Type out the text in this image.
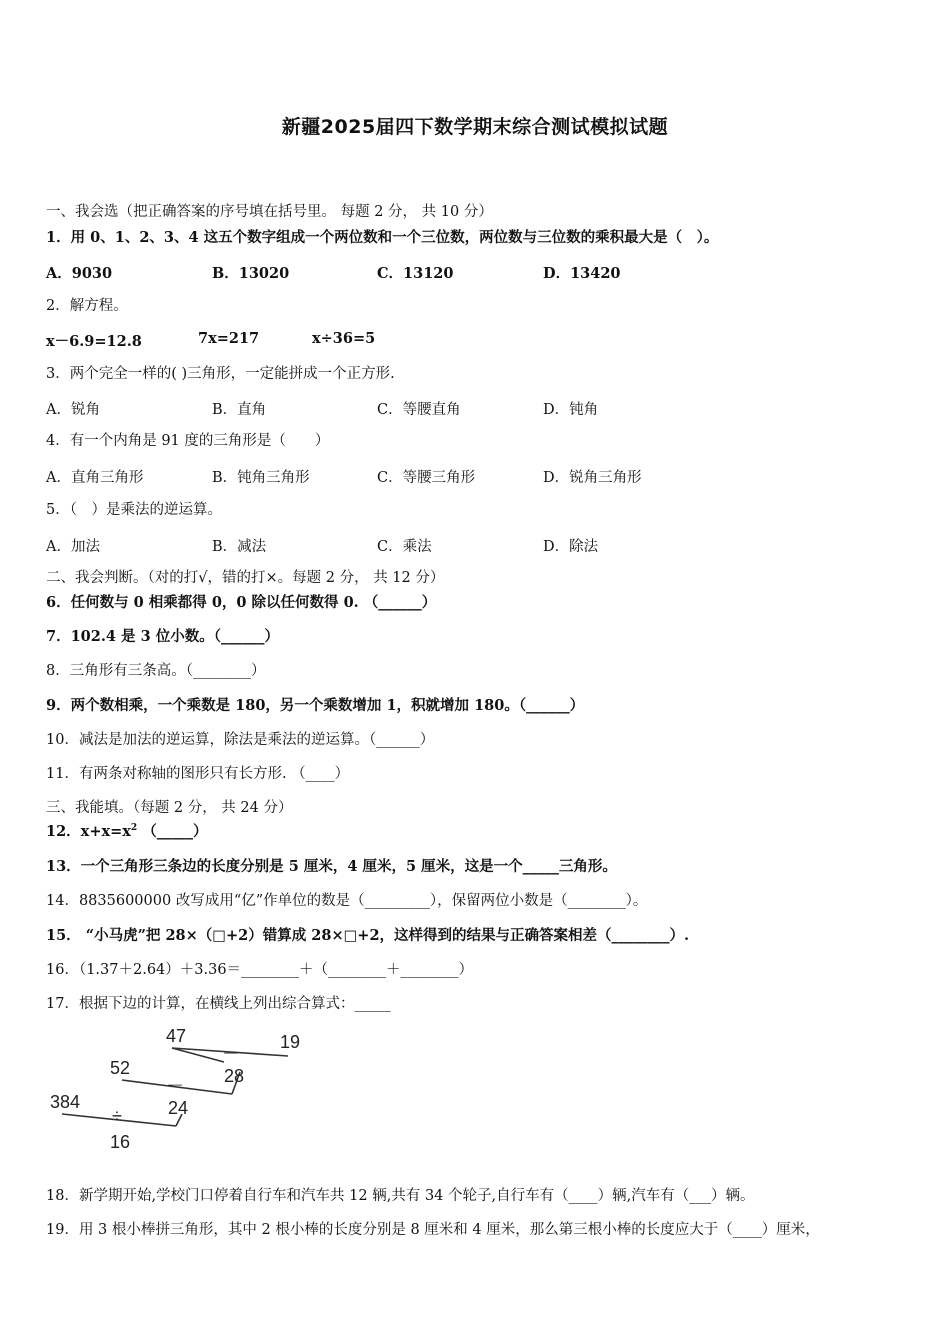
新疆2025届四下数学期末综合测试模拟试题
一、我会选（把正确答案的序号填在括号里。 每题 2 分， 共 10 分）
1．用 0、1、2、3、4 这五个数字组成一个两位数和一个三位数，两位数与三位数的乘积最大是（　）。
A．9030	B．13020	C．13120	D．13420
2．解方程。
x－6.9=12.8	7x=217	x÷36=5
3．两个完全一样的( )三角形，一定能拼成一个正方形.
A．锐角	B．直角	C．等腰直角	D．钝角
4．有一个内角是 91 度的三角形是（　　）
A．直角三角形	B．钝角三角形	C．等腰三角形	D．锐角三角形
5．（　）是乘法的逆运算。
A．加法	B．减法	C．乘法	D．除法
二、我会判断。（对的打√，错的打×。每题 2 分， 共 12 分）
6．任何数与 0 相乘都得 0，0 除以任何数得 0. （______）
7．102.4 是 3 位小数。（______）
8．三角形有三条高。（________）
9．两个数相乘，一个乘数是 180，另一个乘数增加 1，积就增加 180。（______）
10．减法是加法的逆运算，除法是乘法的逆运算。（______）
11．有两条对称轴的图形只有长方形. （____）
三、我能填。（每题 2 分， 共 24 分）
12．$x+x=x^2$ （_____）
13．一个三角形三条边的长度分别是 5 厘米，4 厘米，5 厘米，这是一个_____三角形。
14．8835600000 改写成用“亿”作单位的数是（_________），保留两位小数是（________）。
15． “小马虎”把 28×（□+2）错算成 28×□+2，这样得到的结果与正确答案相差（________）.
16．（1.37＋2.64）＋3.36＝________＋（________＋________）
17．根据下边的计算，在横线上列出综合算式：_____
47	19
52	28
384	24
16
－
－
÷
18．新学期开始,学校门口停着自行车和汽车共 12 辆,共有 34 个轮子,自行车有（____）辆,汽车有（___）辆。
19．用 3 根小棒拼三角形，其中 2 根小棒的长度分别是 8 厘米和 4 厘米，那么第三根小棒的长度应大于（____）厘米，
